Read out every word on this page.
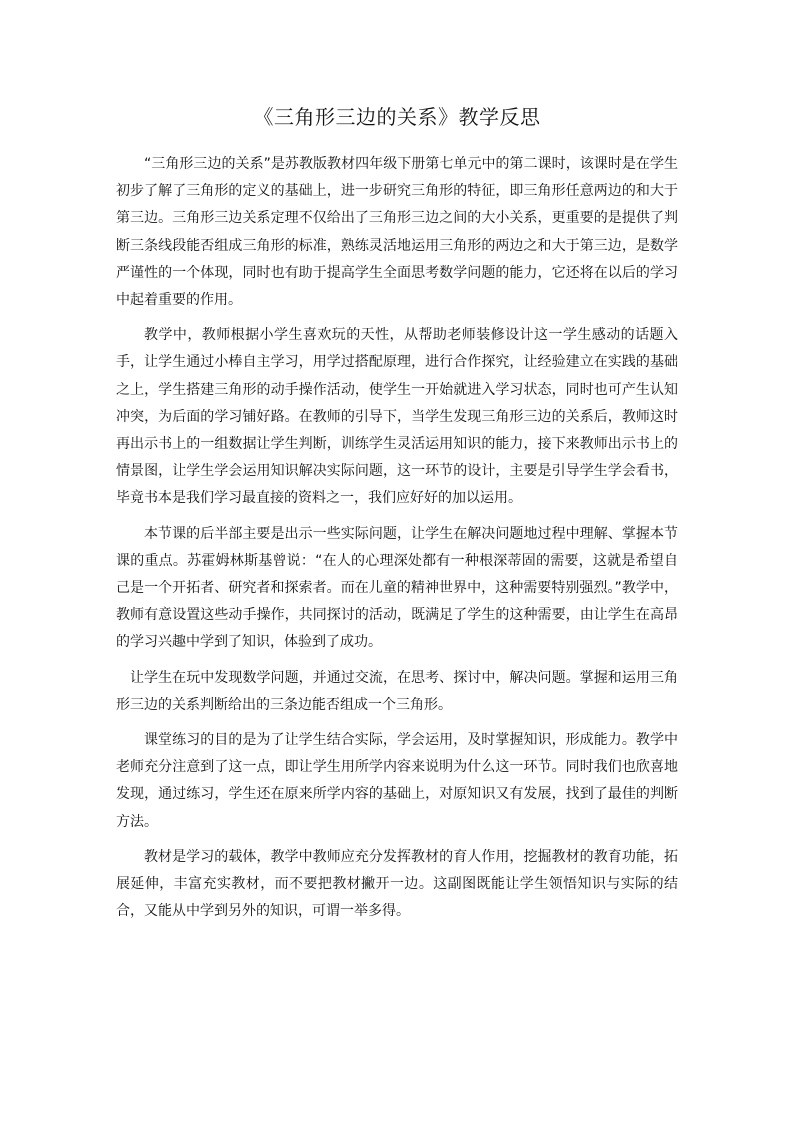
《三角形三边的关系》教学反思

“三角形三边的关系”是苏教版教材四年级下册第七单元中的第二课时，该课时是在学生初步了解了三角形的定义的基础上，进一步研究三角形的特征，即三角形任意两边的和大于第三边。三角形三边关系定理不仅给出了三角形三边之间的大小关系，更重要的是提供了判断三条线段能否组成三角形的标准，熟练灵活地运用三角形的两边之和大于第三边，是数学严谨性的一个体现，同时也有助于提高学生全面思考数学问题的能力，它还将在以后的学习中起着重要的作用。

教学中，教师根据小学生喜欢玩的天性，从帮助老师装修设计这一学生感动的话题入手，让学生通过小棒自主学习，用学过搭配原理，进行合作探究，让经验建立在实践的基础之上，学生搭建三角形的动手操作活动，使学生一开始就进入学习状态，同时也可产生认知冲突，为后面的学习铺好路。在教师的引导下，当学生发现三角形三边的关系后，教师这时再出示书上的一组数据让学生判断，训练学生灵活运用知识的能力，接下来教师出示书上的情景图，让学生学会运用知识解决实际问题，这一环节的设计，主要是引导学生学会看书，毕竟书本是我们学习最直接的资料之一，我们应好好的加以运用。

本节课的后半部主要是出示一些实际问题，让学生在解决问题地过程中理解、掌握本节课的重点。苏霍姆林斯基曾说：“在人的心理深处都有一种根深蒂固的需要，这就是希望自己是一个开拓者、研究者和探索者。而在儿童的精神世界中，这种需要特别强烈。”教学中，教师有意设置这些动手操作，共同探讨的活动，既满足了学生的这种需要，由让学生在高昂的学习兴趣中学到了知识，体验到了成功。

让学生在玩中发现数学问题，并通过交流，在思考、探讨中，解决问题。掌握和运用三角形三边的关系判断给出的三条边能否组成一个三角形。

课堂练习的目的是为了让学生结合实际，学会运用，及时掌握知识，形成能力。教学中老师充分注意到了这一点，即让学生用所学内容来说明为什么这一环节。同时我们也欣喜地发现，通过练习，学生还在原来所学内容的基础上，对原知识又有发展，找到了最佳的判断方法。

教材是学习的载体，教学中教师应充分发挥教材的育人作用，挖掘教材的教育功能，拓展延伸，丰富充实教材，而不要把教材撇开一边。这副图既能让学生领悟知识与实际的结合，又能从中学到另外的知识，可谓一举多得。
